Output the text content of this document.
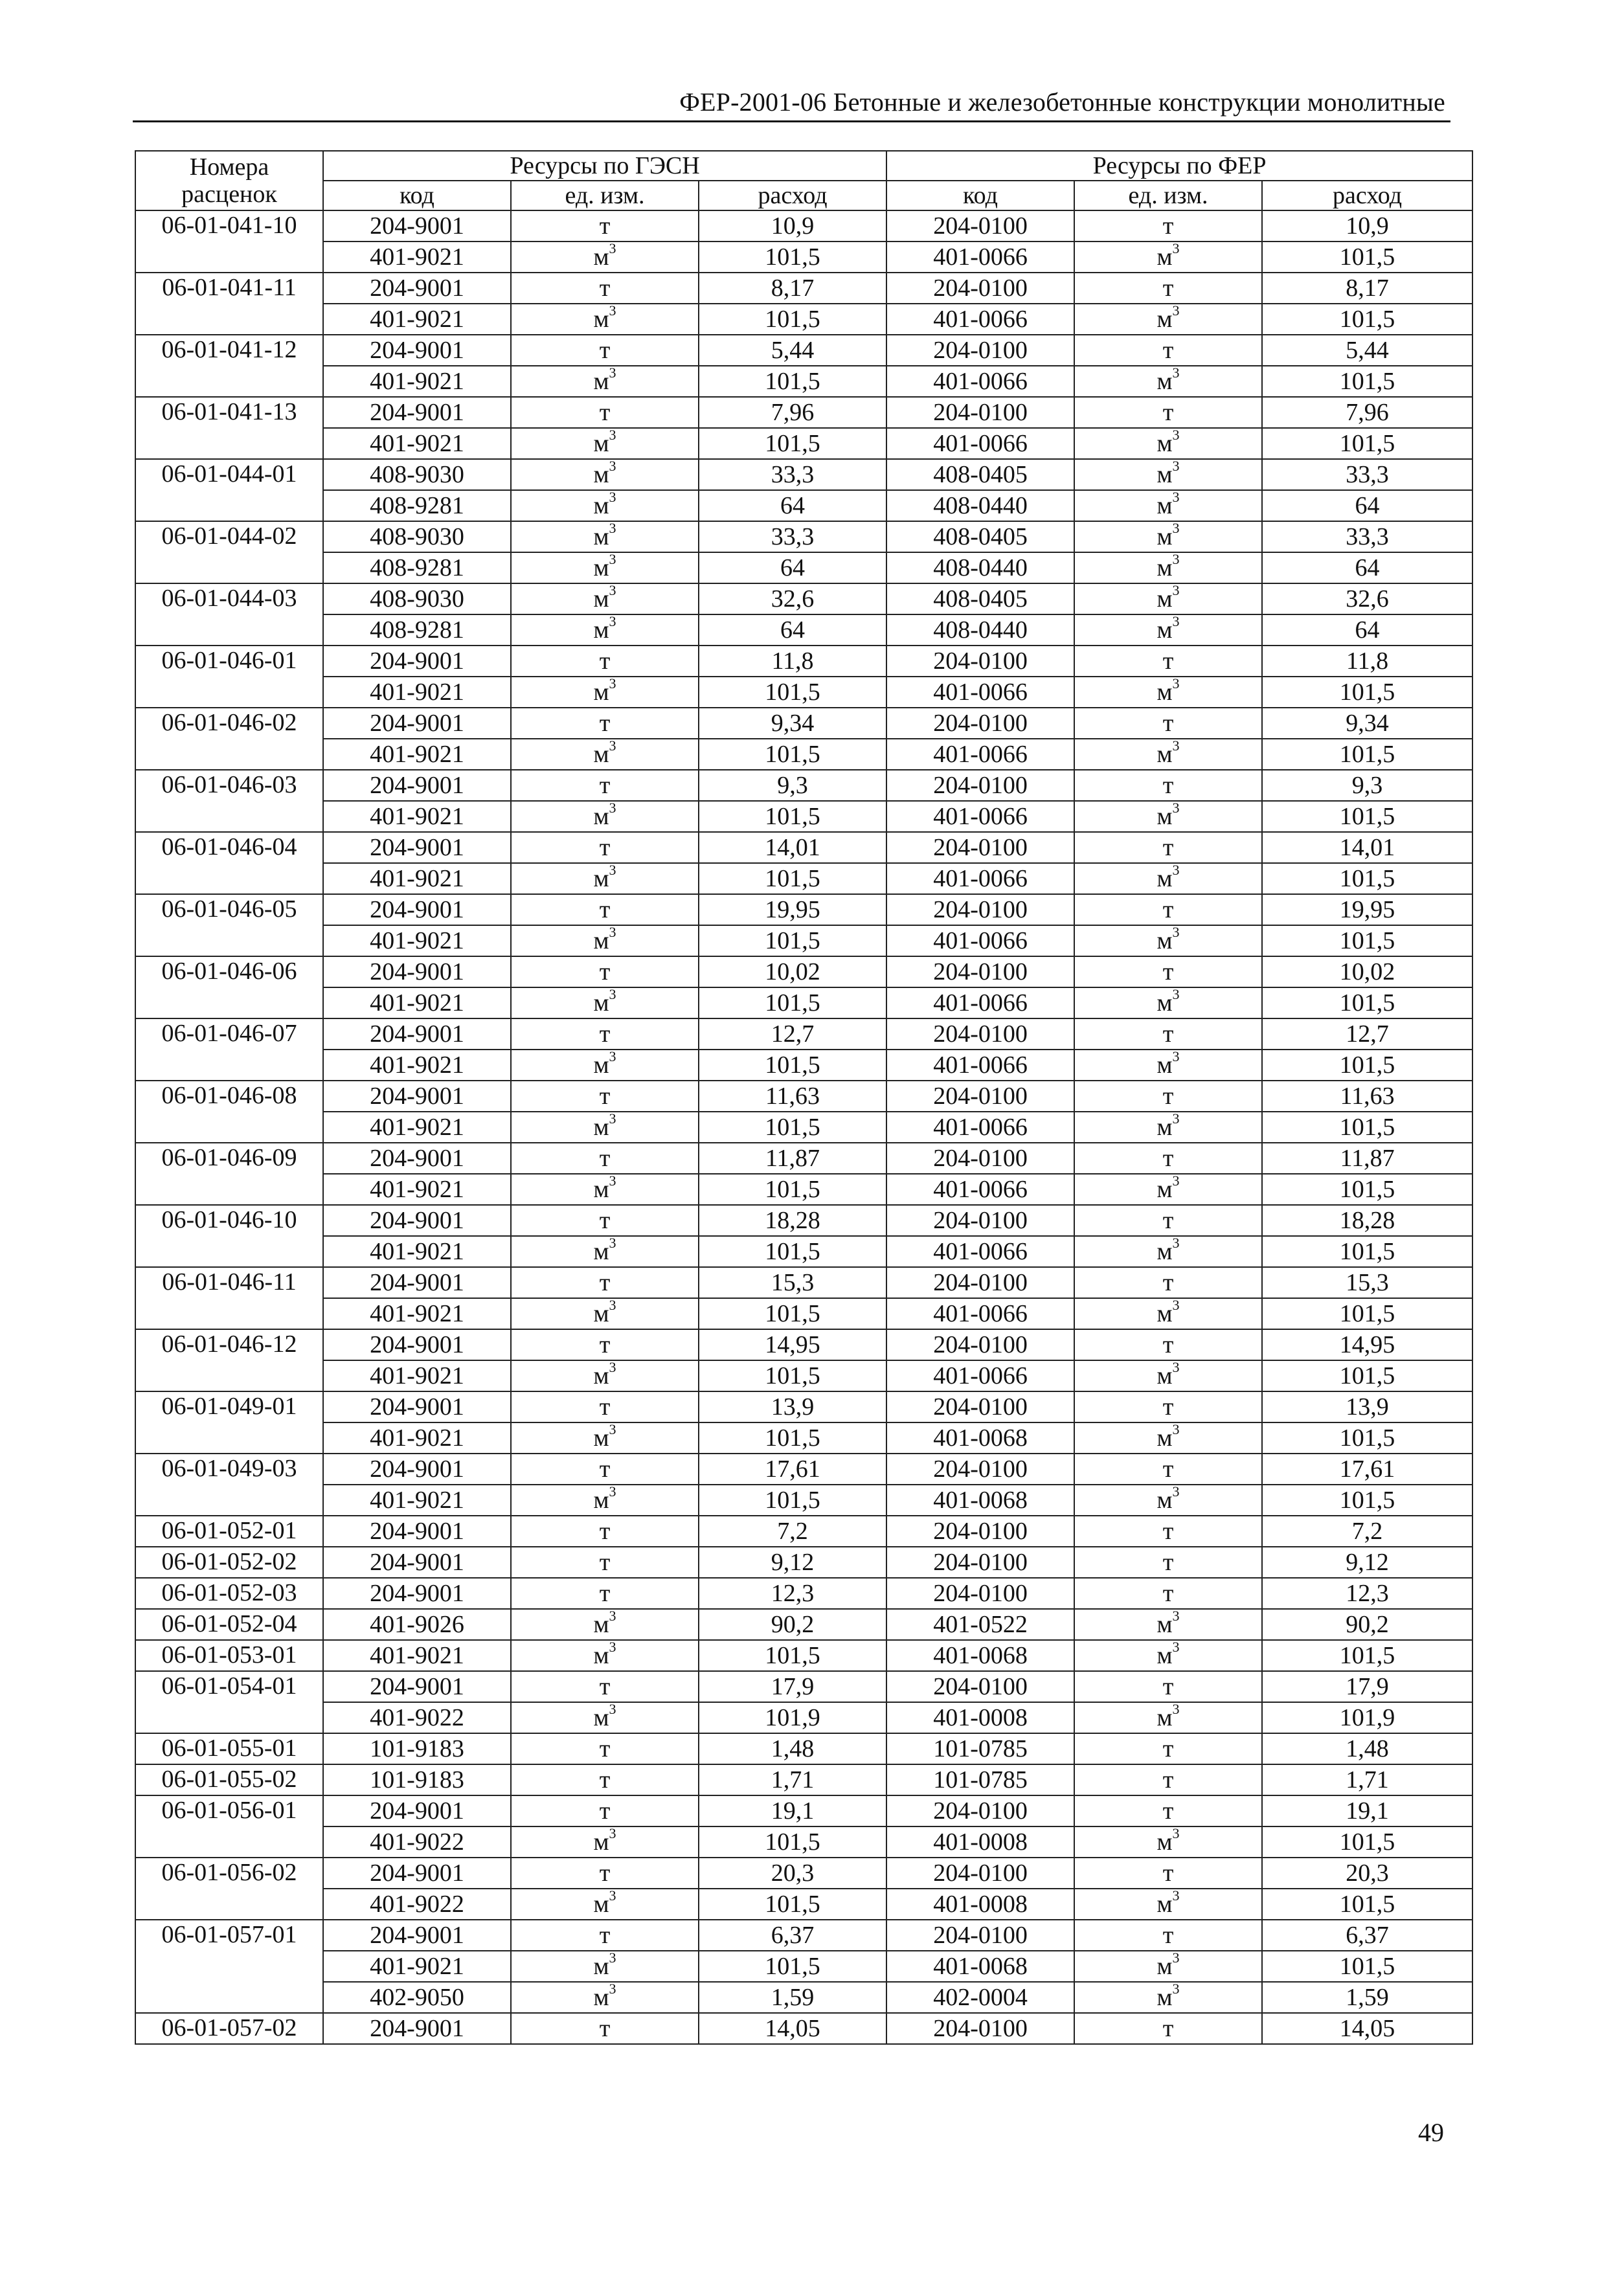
ФЕР-2001-06 Бетонные и железобетонные конструкции монолитные
Номера
расценок	Ресурсы по ГЭСН			Ресурсы по ФЕР		
	код	ед. изм.	расход	код	ед. изм.	расход
06-01-041-10	204-9001	т	10,9	204-0100	т	10,9
	401-9021	$м^3$	101,5	401-0066	$м^3$	101,5
06-01-041-11	204-9001	т	8,17	204-0100	т	8,17
	401-9021	$м^3$	101,5	401-0066	$м^3$	101,5
06-01-041-12	204-9001	т	5,44	204-0100	т	5,44
	401-9021	$м^3$	101,5	401-0066	$м^3$	101,5
06-01-041-13	204-9001	т	7,96	204-0100	т	7,96
	401-9021	$м^3$	101,5	401-0066	$м^3$	101,5
06-01-044-01	408-9030	$м^3$	33,3	408-0405	$м^3$	33,3
	408-9281	$м^3$	64	408-0440	$м^3$	64
06-01-044-02	408-9030	$м^3$	33,3	408-0405	$м^3$	33,3
	408-9281	$м^3$	64	408-0440	$м^3$	64
06-01-044-03	408-9030	$м^3$	32,6	408-0405	$м^3$	32,6
	408-9281	$м^3$	64	408-0440	$м^3$	64
06-01-046-01	204-9001	т	11,8	204-0100	т	11,8
	401-9021	$м^3$	101,5	401-0066	$м^3$	101,5
06-01-046-02	204-9001	т	9,34	204-0100	т	9,34
	401-9021	$м^3$	101,5	401-0066	$м^3$	101,5
06-01-046-03	204-9001	т	9,3	204-0100	т	9,3
	401-9021	$м^3$	101,5	401-0066	$м^3$	101,5
06-01-046-04	204-9001	т	14,01	204-0100	т	14,01
	401-9021	$м^3$	101,5	401-0066	$м^3$	101,5
06-01-046-05	204-9001	т	19,95	204-0100	т	19,95
	401-9021	$м^3$	101,5	401-0066	$м^3$	101,5
06-01-046-06	204-9001	т	10,02	204-0100	т	10,02
	401-9021	$м^3$	101,5	401-0066	$м^3$	101,5
06-01-046-07	204-9001	т	12,7	204-0100	т	12,7
	401-9021	$м^3$	101,5	401-0066	$м^3$	101,5
06-01-046-08	204-9001	т	11,63	204-0100	т	11,63
	401-9021	$м^3$	101,5	401-0066	$м^3$	101,5
06-01-046-09	204-9001	т	11,87	204-0100	т	11,87
	401-9021	$м^3$	101,5	401-0066	$м^3$	101,5
06-01-046-10	204-9001	т	18,28	204-0100	т	18,28
	401-9021	$м^3$	101,5	401-0066	$м^3$	101,5
06-01-046-11	204-9001	т	15,3	204-0100	т	15,3
	401-9021	$м^3$	101,5	401-0066	$м^3$	101,5
06-01-046-12	204-9001	т	14,95	204-0100	т	14,95
	401-9021	$м^3$	101,5	401-0066	$м^3$	101,5
06-01-049-01	204-9001	т	13,9	204-0100	т	13,9
	401-9021	$м^3$	101,5	401-0068	$м^3$	101,5
06-01-049-03	204-9001	т	17,61	204-0100	т	17,61
	401-9021	$м^3$	101,5	401-0068	$м^3$	101,5
06-01-052-01	204-9001	т	7,2	204-0100	т	7,2
06-01-052-02	204-9001	т	9,12	204-0100	т	9,12
06-01-052-03	204-9001	т	12,3	204-0100	т	12,3
06-01-052-04	401-9026	$м^3$	90,2	401-0522	$м^3$	90,2
06-01-053-01	401-9021	$м^3$	101,5	401-0068	$м^3$	101,5
06-01-054-01	204-9001	т	17,9	204-0100	т	17,9
	401-9022	$м^3$	101,9	401-0008	$м^3$	101,9
06-01-055-01	101-9183	т	1,48	101-0785	т	1,48
06-01-055-02	101-9183	т	1,71	101-0785	т	1,71
06-01-056-01	204-9001	т	19,1	204-0100	т	19,1
	401-9022	$м^3$	101,5	401-0008	$м^3$	101,5
06-01-056-02	204-9001	т	20,3	204-0100	т	20,3
	401-9022	$м^3$	101,5	401-0008	$м^3$	101,5
06-01-057-01	204-9001	т	6,37	204-0100	т	6,37
	401-9021	$м^3$	101,5	401-0068	$м^3$	101,5
	402-9050	$м^3$	1,59	402-0004	$м^3$	1,59
06-01-057-02	204-9001	т	14,05	204-0100	т	14,05
49
